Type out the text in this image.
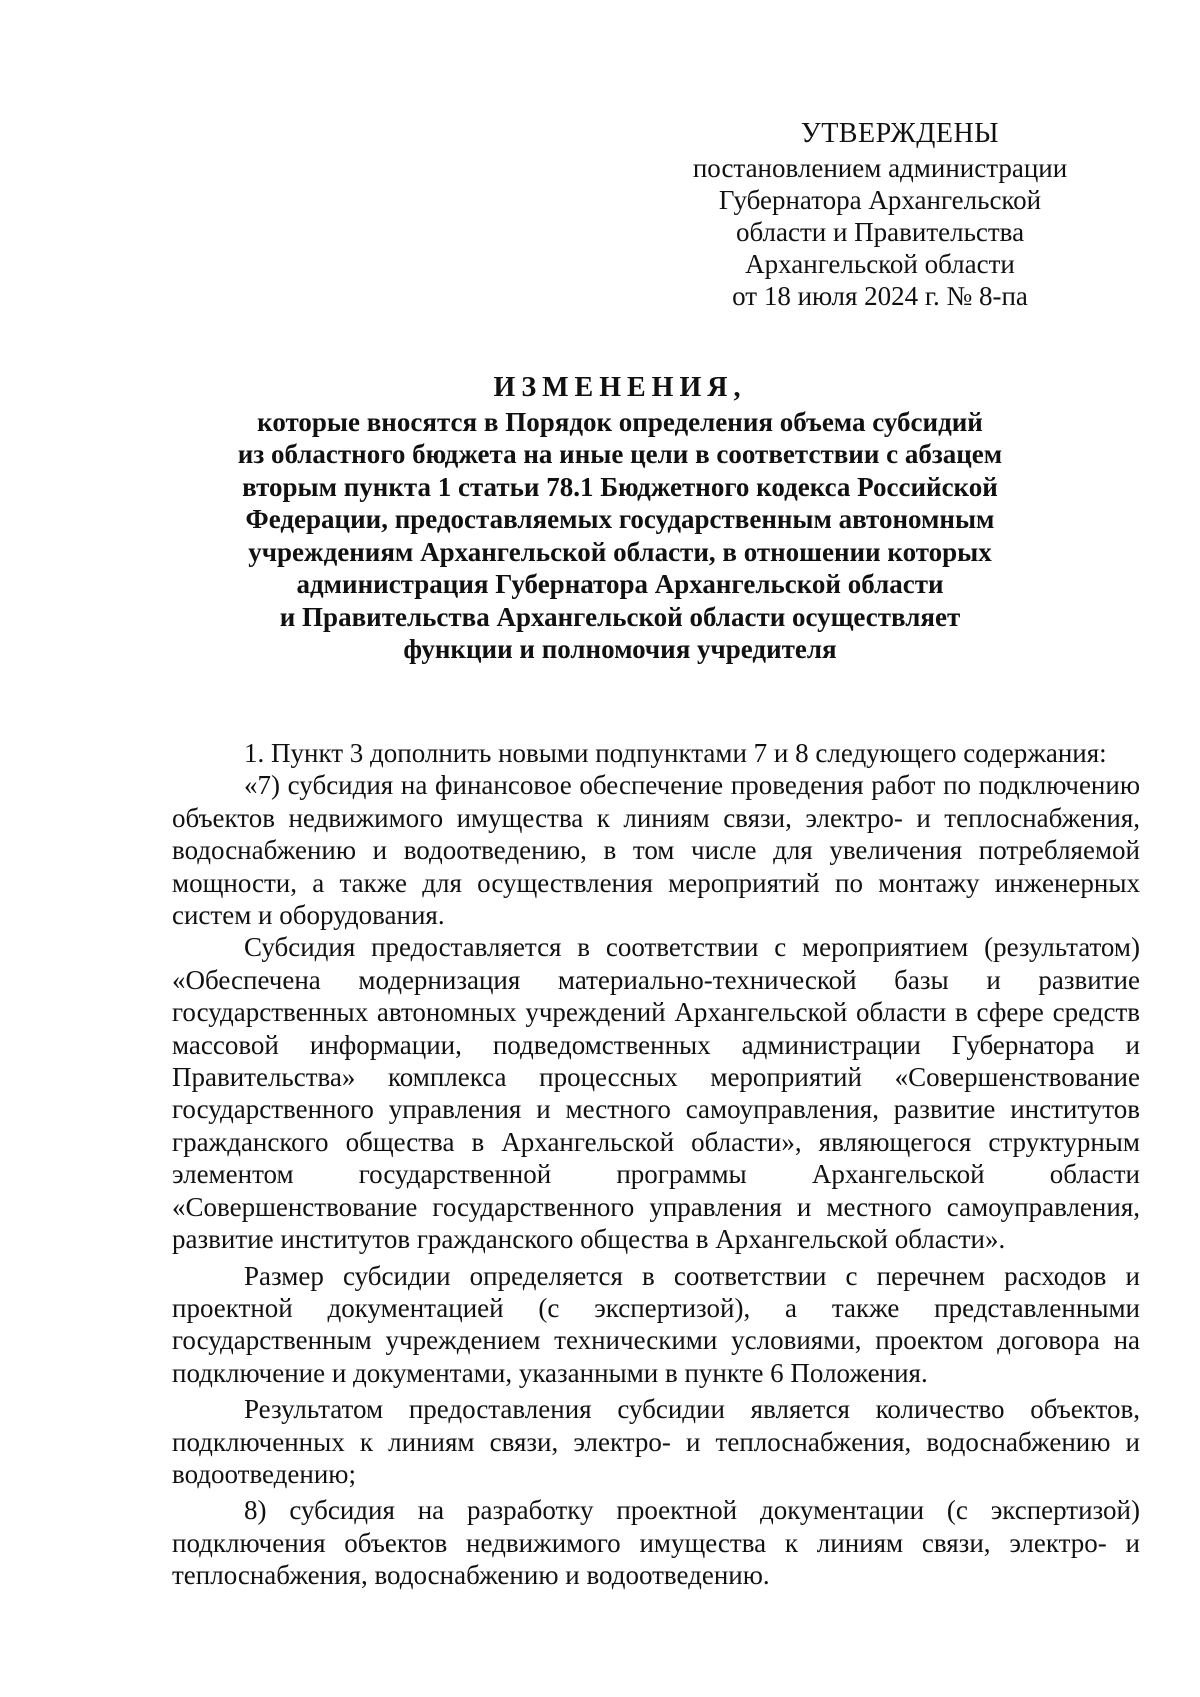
УТВЕРЖДЕНЫ
постановлением администрации
Губернатора Архангельской
области и Правительства
Архангельской области
от 18 июля 2024 г. № 8-па
ИЗМЕНЕНИЯ,
которые вносятся в Порядок определения объема субсидий
из областного бюджета на иные цели в соответствии с абзацем
вторым пункта 1 статьи 78.1 Бюджетного кодекса Российской
Федерации, предоставляемых государственным автономным
учреждениям Архангельской области, в отношении которых
администрация Губернатора Архангельской области
и Правительства Архангельской области осуществляет
функции и полномочия учредителя

1. Пункт 3 дополнить новыми подпунктами 7 и 8 следующего содержания:

«7) субсидия на финансовое обеспечение проведения работ по подключению объектов недвижимого имущества к линиям связи, электро- и теплоснабжения, водоснабжению и водоотведению, в том числе для увеличения потребляемой мощности, а также для осуществления мероприятий по монтажу инженерных систем и оборудования.

Субсидия предоставляется в соответствии с мероприятием (результатом) «Обеспечена модернизация материально-технической базы и развитие государственных автономных учреждений Архангельской области в сфере средств массовой информации, подведомственных администрации Губернатора и Правительства» комплекса процессных мероприятий «Совершенствование государственного управления и местного самоуправления, развитие институтов гражданского общества в Архангельской области», являющегося структурным элементом государственной программы Архангельской области «Совершенствование государственного управления и местного самоуправления, развитие институтов гражданского общества в Архангельской области».

Размер субсидии определяется в соответствии с перечнем расходов и проектной документацией (с экспертизой), а также представленными государственным учреждением техническими условиями, проектом договора на подключение и документами, указанными в пункте 6 Положения.

Результатом предоставления субсидии является количество объектов, подключенных к линиям связи, электро- и теплоснабжения, водоснабжению и водоотведению;

8) субсидия на разработку проектной документации (с экспертизой) подключения объектов недвижимого имущества к линиям связи, электро- и теплоснабжения, водоснабжению и водоотведению.
